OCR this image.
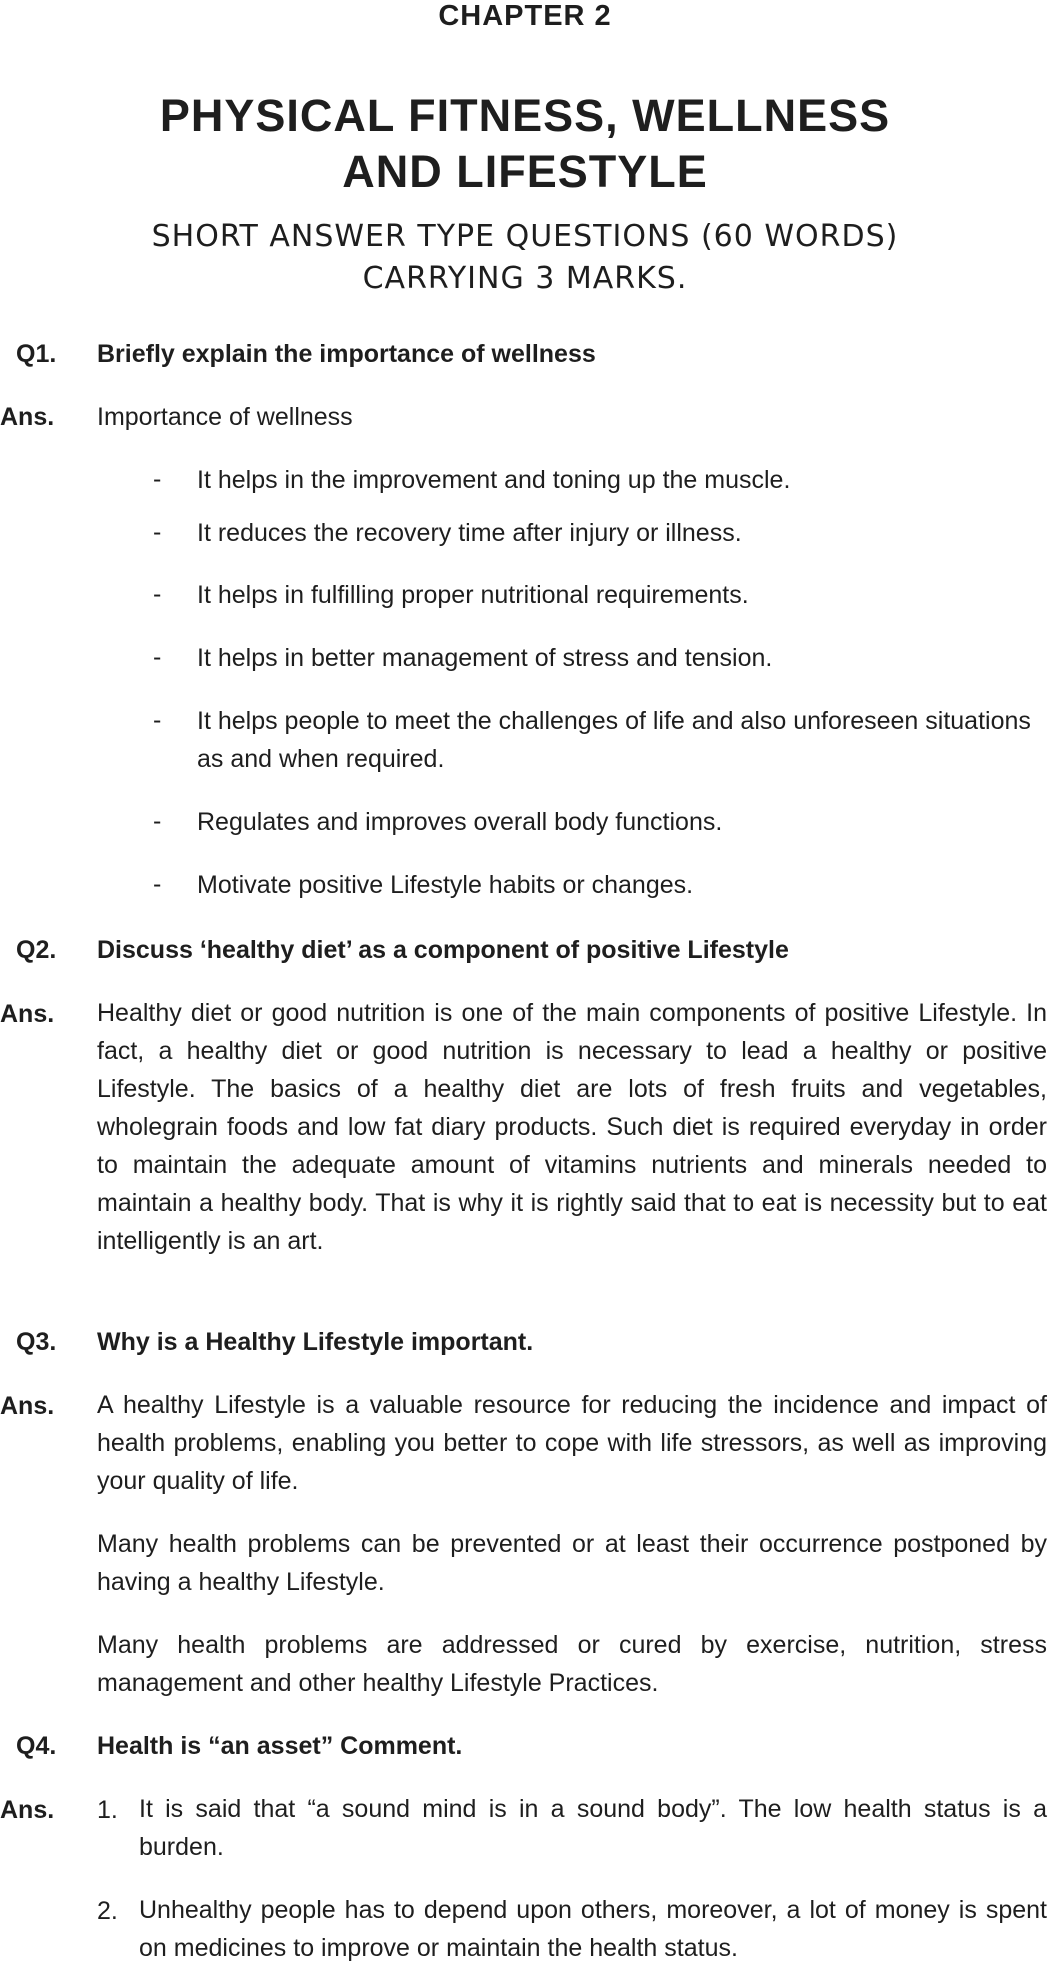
CHAPTER 2
PHYSICAL FITNESS, WELLNESS
AND LIFESTYLE
SHORT ANSWER TYPE QUESTIONS (60 WORDS)
CARRYING 3 MARKS.
Q1. Briefly explain the importance of wellness
Ans. Importance of wellness
- It helps in the improvement and toning up the muscle.
- It reduces the recovery time after injury or illness.
- It helps in fulfilling proper nutritional requirements.
- It helps in better management of stress and tension.
- It helps people to meet the challenges of life and also unforeseen situations as and when required.
- Regulates and improves overall body functions.
- Motivate positive Lifestyle habits or changes.
Q2. Discuss ‘healthy diet’ as a component of positive Lifestyle
Ans. Healthy diet or good nutrition is one of the main components of positive Lifestyle. In fact, a healthy diet or good nutrition is necessary to lead a healthy or positive Lifestyle. The basics of a healthy diet are lots of fresh fruits and vegetables, wholegrain foods and low fat diary products. Such diet is required everyday in order to maintain the adequate amount of vitamins nutrients and minerals needed to maintain a healthy body. That is why it is rightly said that to eat is necessity but to eat intelligently is an art.
Q3. Why is a Healthy Lifestyle important.
Ans. A healthy Lifestyle is a valuable resource for reducing the incidence and impact of health problems, enabling you better to cope with life stressors, as well as improving your quality of life.
Many health problems can be prevented or at least their occurrence postponed by having a healthy Lifestyle.
Many health problems are addressed or cured by exercise, nutrition, stress management and other healthy Lifestyle Practices.
Q4. Health is “an asset” Comment.
Ans. 1. It is said that “a sound mind is in a sound body”. The low health status is a burden.
2. Unhealthy people has to depend upon others, moreover, a lot of money is spent on medicines to improve or maintain the health status.
